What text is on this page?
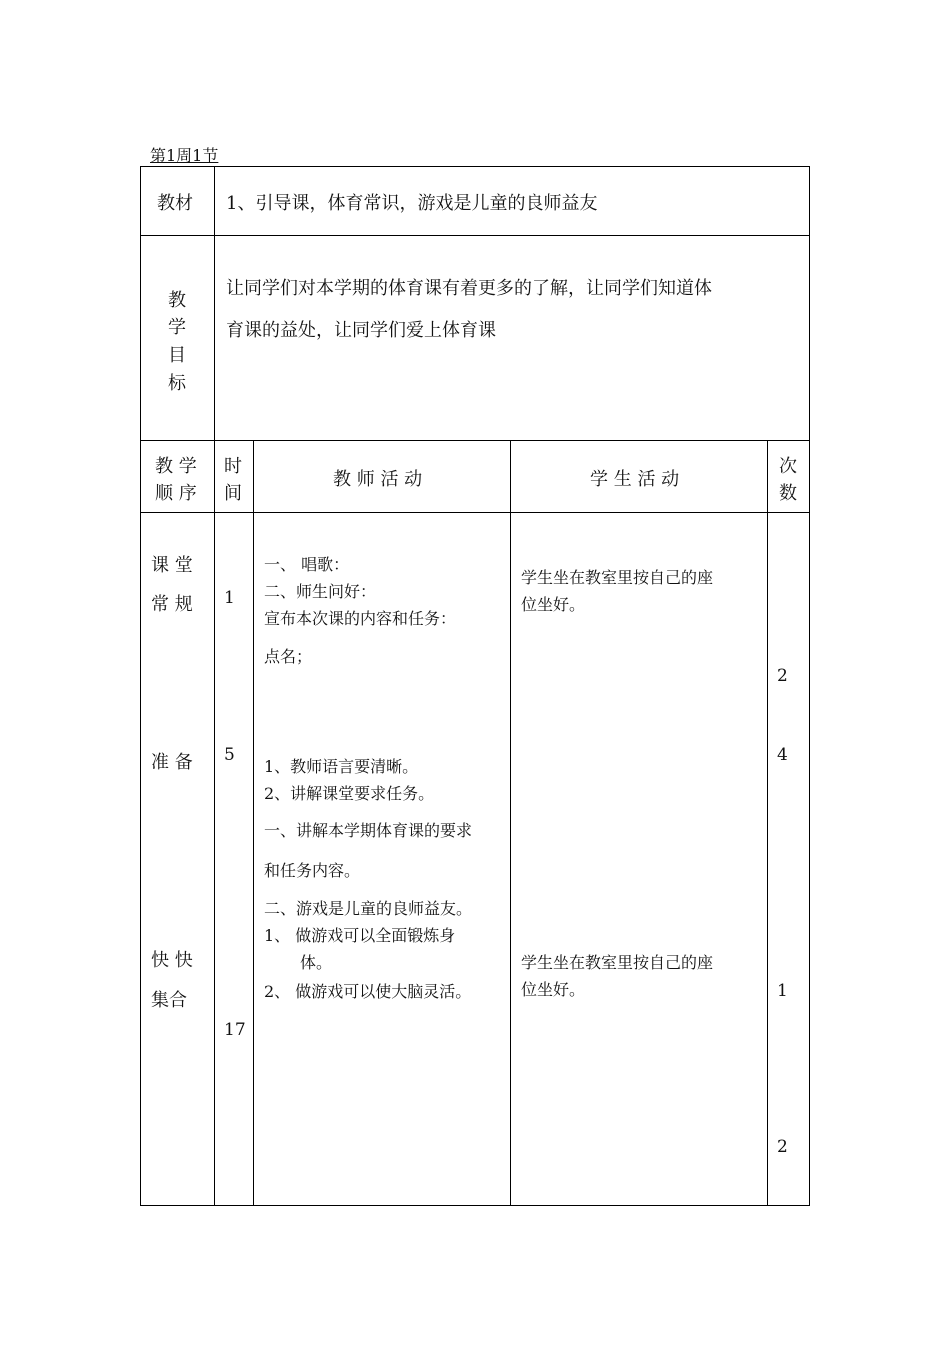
第1周1节
教材 1、引导课，体育常识，游戏是儿童的良师益友
教
学
目
标
让同学们对本学期的体育课有着更多的了解，让同学们知道体
育课的益处，让同学们爱上体育课
教 学
顺 序
时
间
教 师 活 动	学 生 活 动
次
数
课 堂
常 规
准 备
快 快
集合
1
5
17
一、 唱歌：
二、师生问好：
宣布本次课的内容和任务：
点名；
1、教师语言要清晰。
2、讲解课堂要求任务。
一、讲解本学期体育课的要求
和任务内容。
二、游戏是儿童的良师益友。
1、 做游戏可以全面锻炼身
体。
2、 做游戏可以使大脑灵活。
学生坐在教室里按自己的座
位坐好。
学生坐在教室里按自己的座
位坐好。
2
4
1
2
